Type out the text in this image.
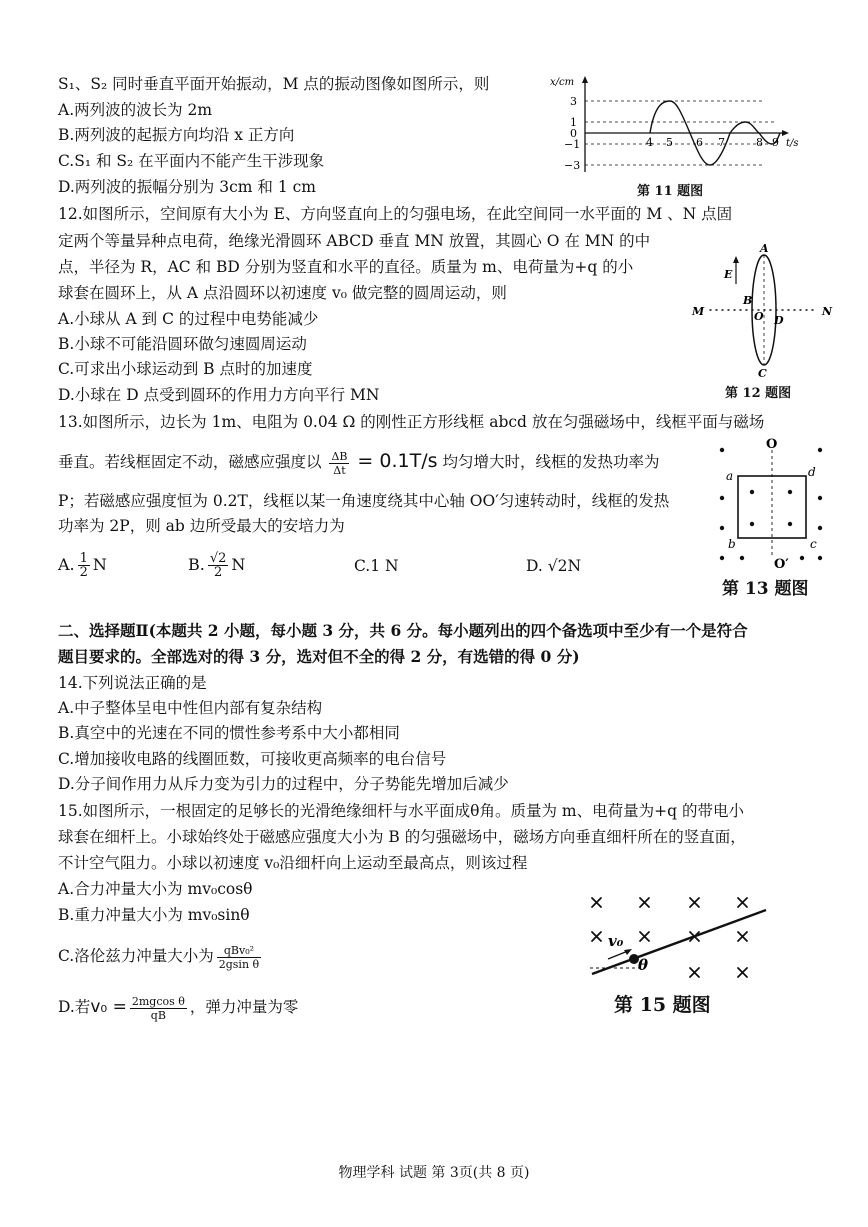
S₁、S₂ 同时垂直平面开始振动，M 点的振动图像如图所示，则
A.两列波的波长为 2m
B.两列波的起振方向均沿 x 正方向
C.S₁ 和 S₂ 在平面内不能产生干涉现象
D.两列波的振幅分别为 3cm 和 1 cm
x/cm
3
1
0
−1
−3
4 5 6 7	8 9 t/s
第 11 题图
12.如图所示，空间原有大小为 E、方向竖直向上的匀强电场，在此空间同一水平面的 M 、N 点固
定两个等量异种点电荷，绝缘光滑圆环 ABCD 垂直 MN 放置，其圆心 O 在 MN 的中
点，半径为 R，AC 和 BD 分别为竖直和水平的直径。质量为 m、电荷量为+q 的小
球套在圆环上，从 A 点沿圆环以初速度 v₀ 做完整的圆周运动，则
A.小球从 A 到 C 的过程中电势能减少
B.小球不可能沿圆环做匀速圆周运动
C.可求出小球运动到 B 点时的加速度
D.小球在 D 点受到圆环的作用力方向平行 MN
E
A
B
C
D
O
M	N
第 12 题图
13.如图所示，边长为 1m、电阻为 0.04 Ω 的刚性正方形线框 abcd 放在匀强磁场中，线框平面与磁场
垂直。若线框固定不动，磁感应强度以 $\frac{\Delta B}{\Delta t} = 0.1T/s$ 均匀增大时，线框的发热功率为
P；若磁感应强度恒为 0.2T，线框以某一角速度绕其中心轴 OO′匀速转动时，线框的发热
功率为 2P，则 ab 边所受最大的安培力为
A. $\frac{1}{2}$ N	B. $\frac{√2}{2}$ N	C.1 N	D. √2N
O
O′
a
b	c
d
第 13 题图
二、选择题Ⅱ(本题共 2 小题，每小题 3 分，共 6 分。每小题列出的四个备选项中至少有一个是符合
题目要求的。全部选对的得 3 分，选对但不全的得 2 分，有选错的得 0 分)
14.下列说法正确的是
A.中子整体呈电中性但内部有复杂结构
B.真空中的光速在不同的惯性参考系中大小都相同
C.增加接收电路的线圈匝数，可接收更高频率的电台信号
D.分子间作用力从斥力变为引力的过程中，分子势能先增加后减少
15.如图所示，一根固定的足够长的光滑绝缘细杆与水平面成θ角。质量为 m、电荷量为+q 的带电小
球套在细杆上。小球始终处于磁感应强度大小为 B 的匀强磁场中，磁场方向垂直细杆所在的竖直面，
不计空气阻力。小球以初速度 v₀沿细杆向上运动至最高点，则该过程
A.合力冲量大小为 mv₀cosθ
B.重力冲量大小为 mv₀sinθ
C.洛伦兹力冲量大小为 $\frac{\text{qBv₀²}}{\text{2gsin θ}}$
D.若$v_0 = \frac{\text{2mgcos θ}}{qB}$ ，弹力冲量为零
v₀
θ
第 15 题图
物理学科 试题 第 3页(共 8 页)
